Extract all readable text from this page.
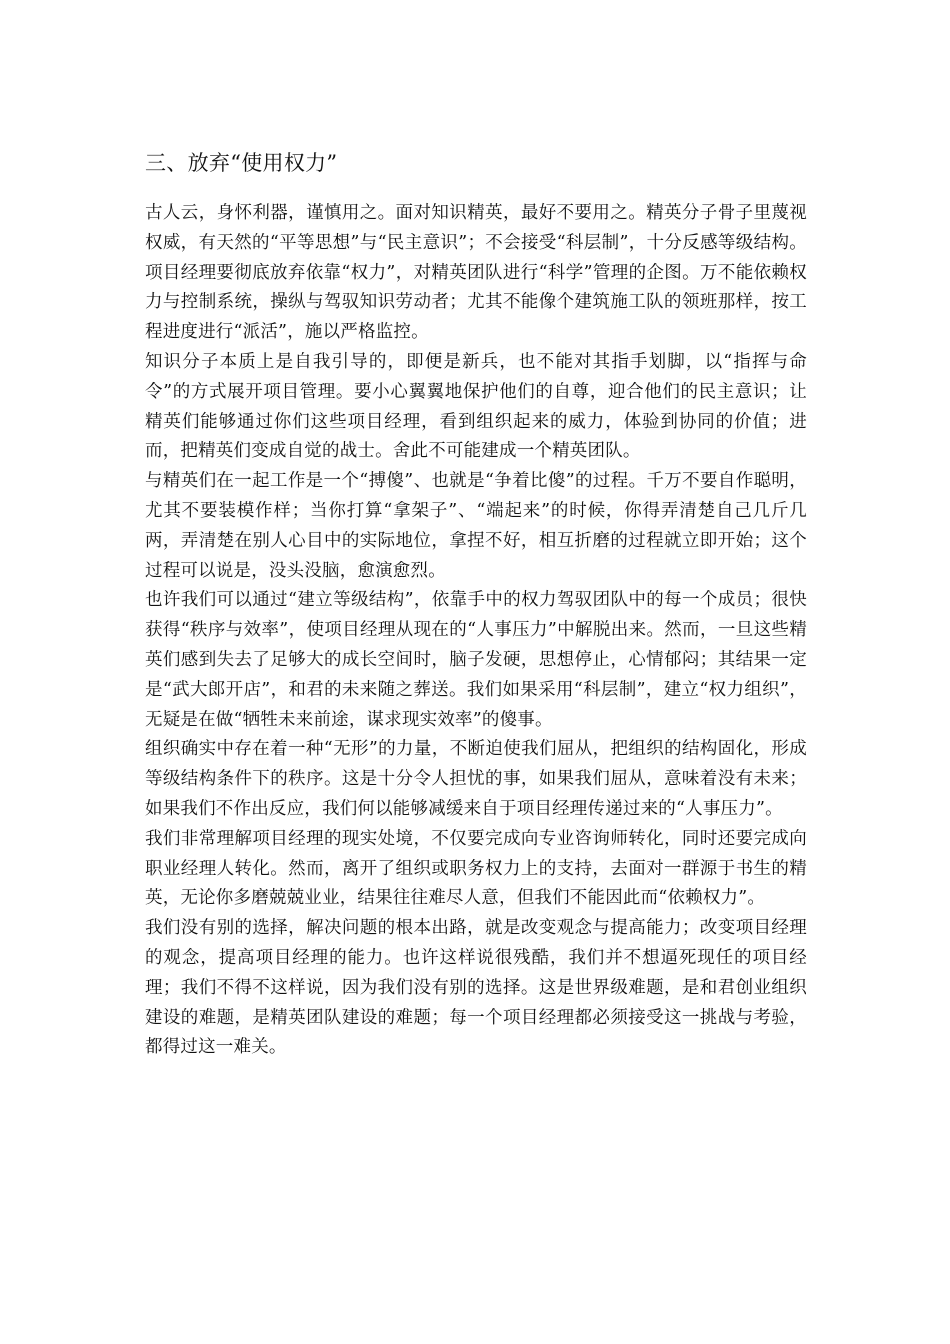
三、放弃“使用权力”

古人云，身怀利器，谨慎用之。面对知识精英，最好不要用之。精英分子骨子里蔑视权威，有天然的“平等思想”与“民主意识”；不会接受“科层制”，十分反感等级结构。项目经理要彻底放弃依靠“权力”，对精英团队进行“科学”管理的企图。万不能依赖权力与控制系统，操纵与驾驭知识劳动者；尤其不能像个建筑施工队的领班那样，按工程进度进行“派活”，施以严格监控。

知识分子本质上是自我引导的，即便是新兵，也不能对其指手划脚，以“指挥与命令”的方式展开项目管理。要小心翼翼地保护他们的自尊，迎合他们的民主意识；让精英们能够通过你们这些项目经理，看到组织起来的威力，体验到协同的价值；进而，把精英们变成自觉的战士。舍此不可能建成一个精英团队。

与精英们在一起工作是一个“搏傻”、也就是“争着比傻”的过程。千万不要自作聪明，尤其不要装模作样；当你打算“拿架子”、“端起来”的时候，你得弄清楚自己几斤几两，弄清楚在别人心目中的实际地位，拿捏不好，相互折磨的过程就立即开始；这个过程可以说是，没头没脑，愈演愈烈。

也许我们可以通过“建立等级结构”，依靠手中的权力驾驭团队中的每一个成员；很快获得“秩序与效率”，使项目经理从现在的“人事压力”中解脱出来。然而，一旦这些精英们感到失去了足够大的成长空间时，脑子发硬，思想停止，心情郁闷；其结果一定是“武大郎开店”，和君的未来随之葬送。我们如果采用“科层制”，建立“权力组织”，无疑是在做“牺牲未来前途，谋求现实效率”的傻事。

组织确实中存在着一种“无形”的力量，不断迫使我们屈从，把组织的结构固化，形成等级结构条件下的秩序。这是十分令人担忧的事，如果我们屈从，意味着没有未来；如果我们不作出反应，我们何以能够减缓来自于项目经理传递过来的“人事压力”。

我们非常理解项目经理的现实处境，不仅要完成向专业咨询师转化，同时还要完成向职业经理人转化。然而，离开了组织或职务权力上的支持，去面对一群源于书生的精英，无论你多磨兢兢业业，结果往往难尽人意，但我们不能因此而“依赖权力”。

我们没有别的选择，解决问题的根本出路，就是改变观念与提高能力；改变项目经理的观念，提高项目经理的能力。也许这样说很残酷，我们并不想逼死现任的项目经理；我们不得不这样说，因为我们没有别的选择。这是世界级难题，是和君创业组织建设的难题，是精英团队建设的难题；每一个项目经理都必须接受这一挑战与考验，都得过这一难关。
